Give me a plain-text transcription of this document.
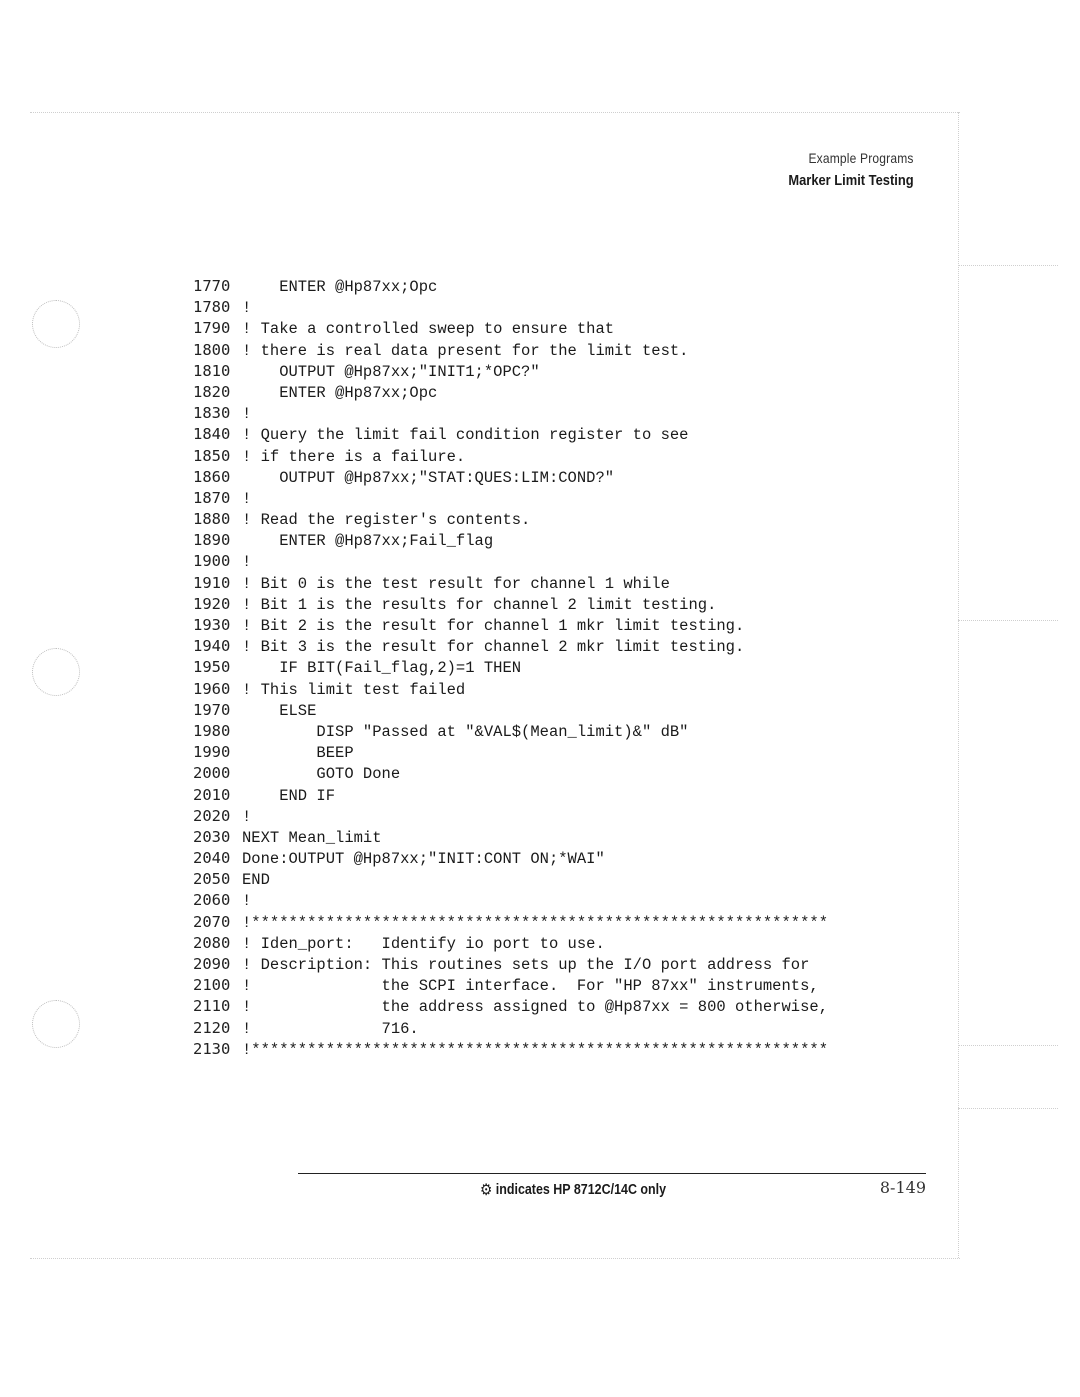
Example Programs
Marker Limit Testing
1770    ENTER @Hp87xx;Opc
1780 !
1790 ! Take a controlled sweep to ensure that
1800 ! there is real data present for the limit test.
1810    OUTPUT @Hp87xx;"INIT1;*OPC?"
1820    ENTER @Hp87xx;Opc
1830 !
1840 ! Query the limit fail condition register to see
1850 ! if there is a failure.
1860    OUTPUT @Hp87xx;"STAT:QUES:LIM:COND?"
1870 !
1880 ! Read the register's contents.
1890    ENTER @Hp87xx;Fail_flag
1900 !
1910 ! Bit 0 is the test result for channel 1 while
1920 ! Bit 1 is the results for channel 2 limit testing.
1930 ! Bit 2 is the result for channel 1 mkr limit testing.
1940 ! Bit 3 is the result for channel 2 mkr limit testing.
1950    IF BIT(Fail_flag,2)=1 THEN
1960 ! This limit test failed
1970    ELSE
1980        DISP "Passed at "&VAL$(Mean_limit)&" dB"
1990        BEEP
2000        GOTO Done
2010    END IF
2020 !
2030 NEXT Mean_limit
2040 Done:OUTPUT @Hp87xx;"INIT:CONT ON;*WAI"
2050 END
2060 !
2070 !**************************************************************
2080 ! Iden_port:   Identify io port to use.
2090 ! Description: This routines sets up the I/O port address for
2100 !              the SCPI interface.  For "HP 87xx" instruments,
2110 !              the address assigned to @Hp87xx = 800 otherwise,
2120 !              716.
2130 !**************************************************************
⚙ indicates HP 8712C/14C only	8-149
